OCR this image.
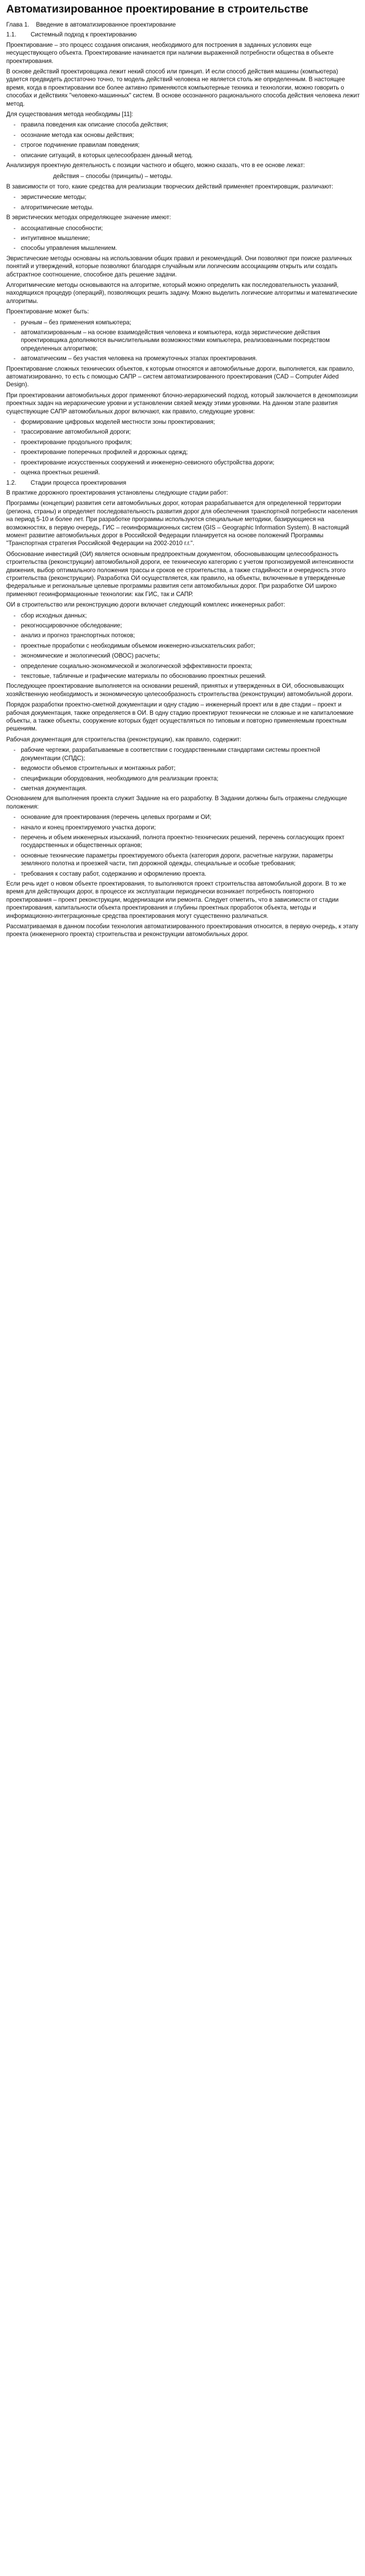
Автоматизированное проектирование в строительстве
Глава 1. Введение в автоматизированное проектирование
1.1. Системный подход к проектированию
Проектирование – это процесс создания описания, необходимого для построения в заданных условиях еще несуществующего объекта. Проектирование начинается при наличии выраженной потребности общества в объекте проектирования.
В основе действий проектировщика лежит некий способ или принцип. И если способ действия машины (компьютера) удается предвидеть достаточно точно, то модель действий человека не является столь же определенным. В настоящее время, когда в проектировании все более активно применяются компьютерные техника и технологии, можно говорить о способах и действиях "человеко-машинных" систем. В основе осознанного рационального способа действия человека лежит метод.
Для существования метода необходимы [11]:
- правила поведения как описание способа действия;
- осознание метода как основы действия;
- строгое подчинение правилам поведения;
- описание ситуаций, в которых целесообразен данный метод.
Анализируя проектную деятельность с позиции частного и общего, можно сказать, что в ее основе лежат:
действия – способы (принципы) – методы.
В зависимости от того, какие средства для реализации творческих действий применяет проектировщик, различают:
- эвристические методы;
- алгоритмические методы.
В эвристических методах определяющее значение имеют:
- ассоциативные способности;
- интуитивное мышление;
- способы управления мышлением.
Эвристические методы основаны на использовании общих правил и рекомендаций. Они позволяют при поиске различных понятий и утверждений, которые позволяют благодаря случайным или логическим ассоциациям открыть или создать абстрактное соотношение, способное дать решение задачи.
Алгоритмические методы основываются на алгоритме, который можно определить как последовательность указаний, находящихся процедур (операций), позволяющих решить задачу. Можно выделить логические алгоритмы и математические алгоритмы.
Проектирование может быть:
- ручным – без применения компьютера;
- автоматизированным – на основе взаимодействия человека и компьютера, когда эвристические действия проектировщика дополняются вычислительными возможностями компьютера, реализованными посредством определенных алгоритмов;
- автоматическим – без участия человека на промежуточных этапах проектирования.
Проектирование сложных технических объектов, к которым относятся и автомобильные дороги, выполняется, как правило, автоматизированно, то есть с помощью САПР – систем автоматизированного проектирования (CAD – Computer Aided Design).
При проектировании автомобильных дорог применяют блочно-иерархический подход, который заключается в декомпозиции проектных задач на иерархические уровни и установлении связей между этими уровнями. На данном этапе развития существующие САПР автомобильных дорог включают, как правило, следующие уровни:
- формирование цифровых моделей местности зоны проектирования;
- трассирование автомобильной дороги;
- проектирование продольного профиля;
- проектирование поперечных профилей и дорожных одежд;
- проектирование искусственных сооружений и инженерно-севисного обустройства дороги;
- оценка проектных решений.
1.2. Стадии процесса проектирования
В практике дорожного проектирования установлены следующие стадии работ:
Программы (концепции) развития сети автомобильных дорог, которая разрабатывается для определенной территории (региона, страны) и определяет последовательность развития дорог для обеспечения транспортной потребности населения на период 5-10 и более лет. При разработке программы используются специальные методики, базирующиеся на возможностях, в первую очередь, ГИС – геоинформационных систем (GIS – Geographic Information System). В настоящий момент развитие автомобильных дорог в Российской Федерации планируется на основе положений Программы "Транспортная стратегия Российской Федерации на 2002-2010 г.г.".
Обоснование инвестиций (ОИ) является основным предпроектным документом, обосновывающим целесообразность строительства (реконструкции) автомобильной дороги, ее техническую категорию с учетом прогнозируемой интенсивности движения, выбор оптимального положения трассы и сроков ее строительства, а также стадийности и очередность этого строительства (реконструкции). Разработка ОИ осуществляется, как правило, на объекты, включенные в утвержденные федеральные и региональные целевые программы развития сети автомобильных дорог. При разработке ОИ широко применяют геоинформационные технологии: как ГИС, так и САПР.
ОИ в строительство или реконструкцию дороги включает следующий комплекс инженерных работ:
- сбор исходных данных;
- рекогносцировочное обследование;
- анализ и прогноз транспортных потоков;
- проектные проработки с необходимым объемом инженерно-изыскательских работ;
- экономические и экологический (ОВОС) расчеты;
- определение социально-экономической и экологической эффективности проекта;
- текстовые, табличные и графические материалы по обоснованию проектных решений.
Последующее проектирование выполняется на основании решений, принятых и утвержденных в ОИ, обосновывающих хозяйственную необходимость и экономическую целесообразность строительства (реконструкции) автомобильной дороги.
Порядок разработки проектно-сметной документации и одну стадию – инженерный проект или в две стадии – проект и рабочая документация, также определяется в ОИ. В одну стадию проектируют технически не сложные и не капиталоемкие объекты, а также объекты, сооружение которых будет осуществляться по типовым и повторно применяемым проектным решениям.
Рабочая документация для строительства (реконструкции), как правило, содержит:
- рабочие чертежи, разрабатываемые в соответствии с государственными стандартами системы проектной документации (СПДС);
- ведомости объемов строительных и монтажных работ;
- спецификации оборудования, необходимого для реализации проекта;
- сметная документация.
Основанием для выполнения проекта служит Задание на его разработку. В Задании должны быть отражены следующие положения:
- основание для проектирования (перечень целевых программ и ОИ;
- начало и конец проектируемого участка дороги;
- перечень и объем инженерных изысканий, полнота проектно-технических решений, перечень согласующих проект государственных и общественных органов;
- основные технические параметры проектируемого объекта (категория дороги, расчетные нагрузки, параметры земляного полотна и проезжей части, тип дорожной одежды, специальные и особые требования;
- требования к составу работ, содержанию и оформлению проекта.
Если речь идет о новом объекте проектирования, то выполняются проект строительства автомобильной дороги. В то же время для действующих дорог, в процессе их эксплуатации периодически возникает потребность повторного проектирования – проект реконструкции, модернизации или ремонта. Следует отметить, что в зависимости от стадии проектирования, капитальности объекта проектирования и глубины проектных проработок объекта, методы и информационно-интеграционные средства проектирования могут существенно различаться.
Рассматриваемая в данном пособии технология автоматизированного проектирования относится, в первую очередь, к этапу проекта (инженерного проекта) строительства и реконструкции автомобильных дорог.
